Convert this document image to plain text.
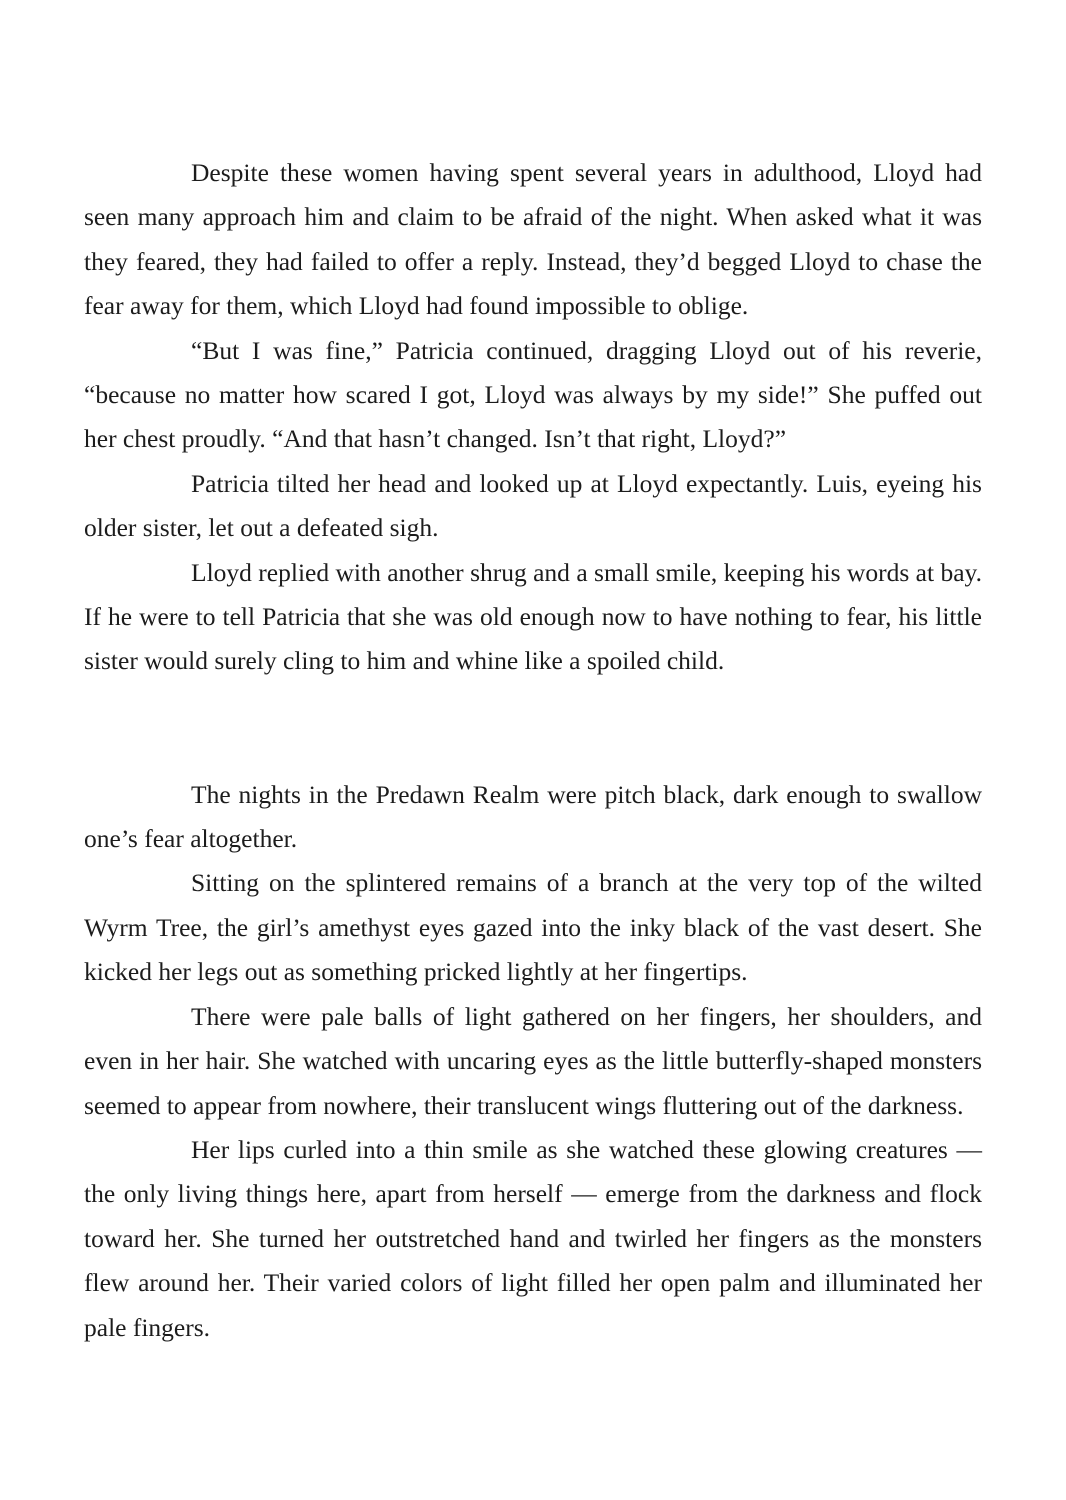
Despite these women having spent several years in adulthood, Lloyd had seen many approach him and claim to be afraid of the night. When asked what it was they feared, they had failed to offer a reply. Instead, they’d begged Lloyd to chase the fear away for them, which Lloyd had found impossible to oblige.

“But I was fine,” Patricia continued, dragging Lloyd out of his reverie, “because no matter how scared I got, Lloyd was always by my side!” She puffed out her chest proudly. “And that hasn’t changed. Isn’t that right, Lloyd?”

Patricia tilted her head and looked up at Lloyd expectantly. Luis, eyeing his older sister, let out a defeated sigh.

Lloyd replied with another shrug and a small smile, keeping his words at bay. If he were to tell Patricia that she was old enough now to have nothing to fear, his little sister would surely cling to him and whine like a spoiled child.

The nights in the Predawn Realm were pitch black, dark enough to swallow one’s fear altogether.

Sitting on the splintered remains of a branch at the very top of the wilted Wyrm Tree, the girl’s amethyst eyes gazed into the inky black of the vast desert. She kicked her legs out as something pricked lightly at her fingertips.

There were pale balls of light gathered on her fingers, her shoulders, and even in her hair. She watched with uncaring eyes as the little butterfly-shaped monsters seemed to appear from nowhere, their translucent wings fluttering out of the darkness.

Her lips curled into a thin smile as she watched these glowing creatures — the only living things here, apart from herself — emerge from the darkness and flock toward her. She turned her outstretched hand and twirled her fingers as the monsters flew around her. Their varied colors of light filled her open palm and illuminated her pale fingers.
